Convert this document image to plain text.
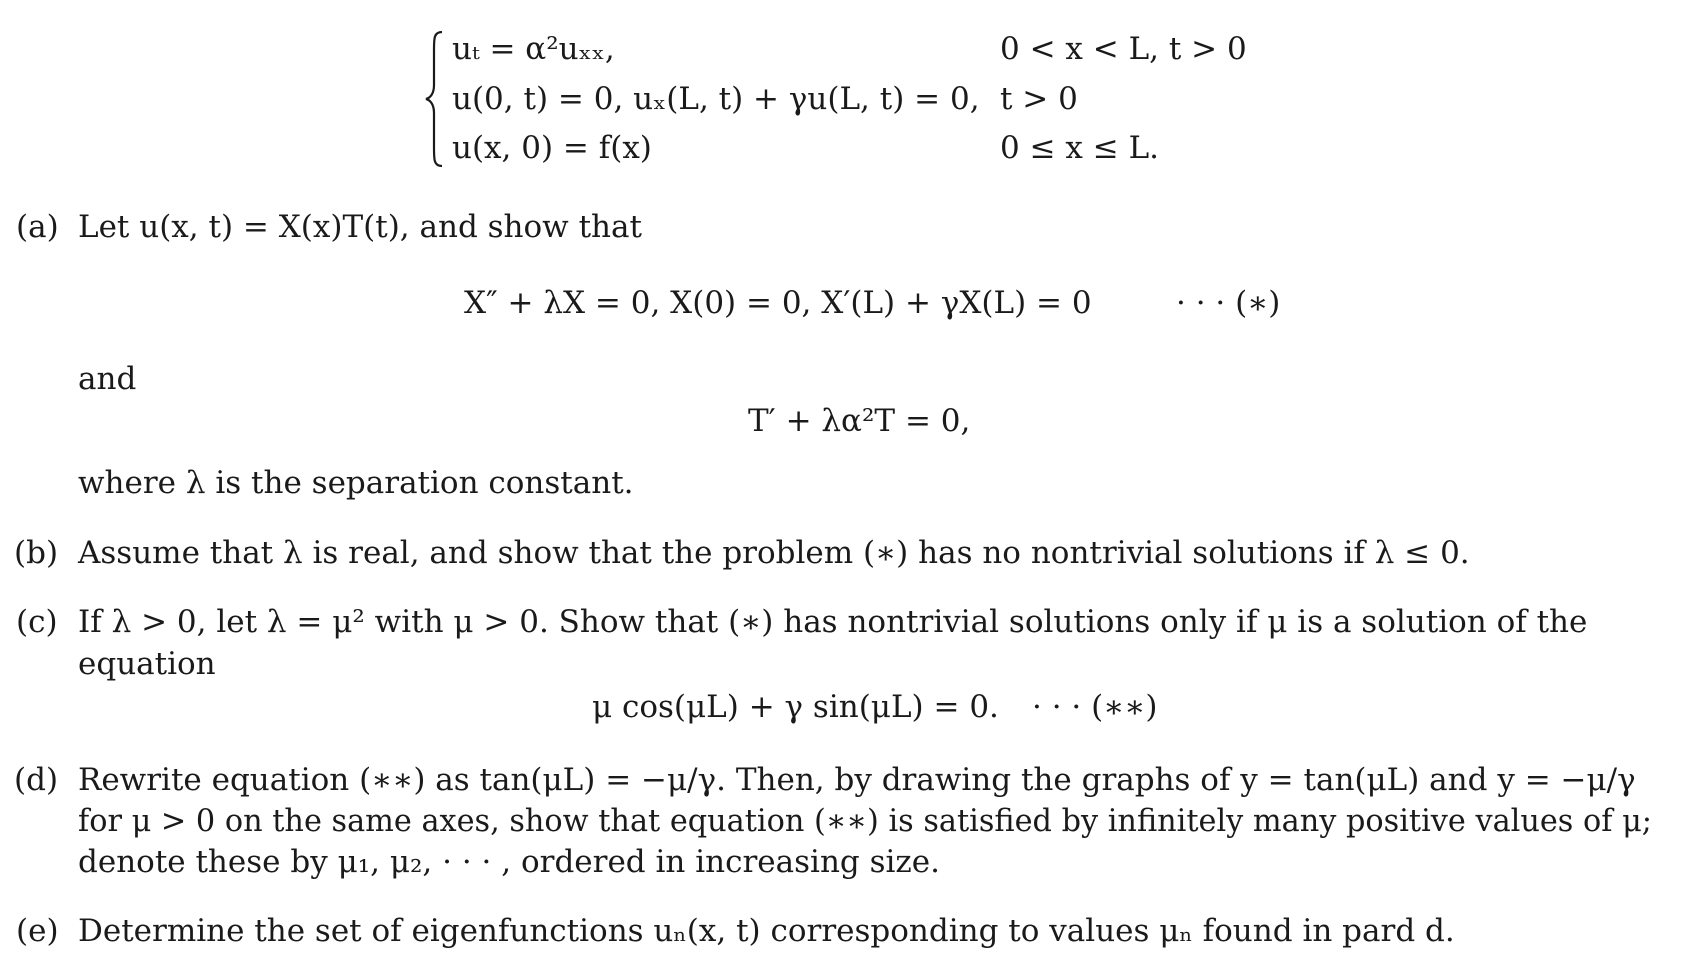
uₜ = α²uₓₓ,	0 < x < L, t > 0
u(0, t) = 0, uₓ(L, t) + γu(L, t) = 0, t > 0
u(x, 0) = f(x)	0 ≤ x ≤ L.
(a) Let u(x, t) = X(x)T(t), and show that
X″ + λX = 0, X(0) = 0, X′(L) + γX(L) = 0	· · · (∗)
and
T′ + λα²T = 0,
where λ is the separation constant.
(b) Assume that λ is real, and show that the problem (∗) has no nontrivial solutions if λ ≤ 0.
(c) If λ > 0, let λ = μ² with μ > 0. Show that (∗) has nontrivial solutions only if μ is a solution of the
equation
μ cos(μL) + γ sin(μL) = 0. · · · (∗∗)
(d) Rewrite equation (∗∗) as tan(μL) = −μ/γ. Then, by drawing the graphs of y = tan(μL) and y = −μ/γ
for μ > 0 on the same axes, show that equation (∗∗) is satisfied by infinitely many positive values of μ;
denote these by μ₁, μ₂, · · · , ordered in increasing size.
(e) Determine the set of eigenfunctions uₙ(x, t) corresponding to values μₙ found in pard d.
